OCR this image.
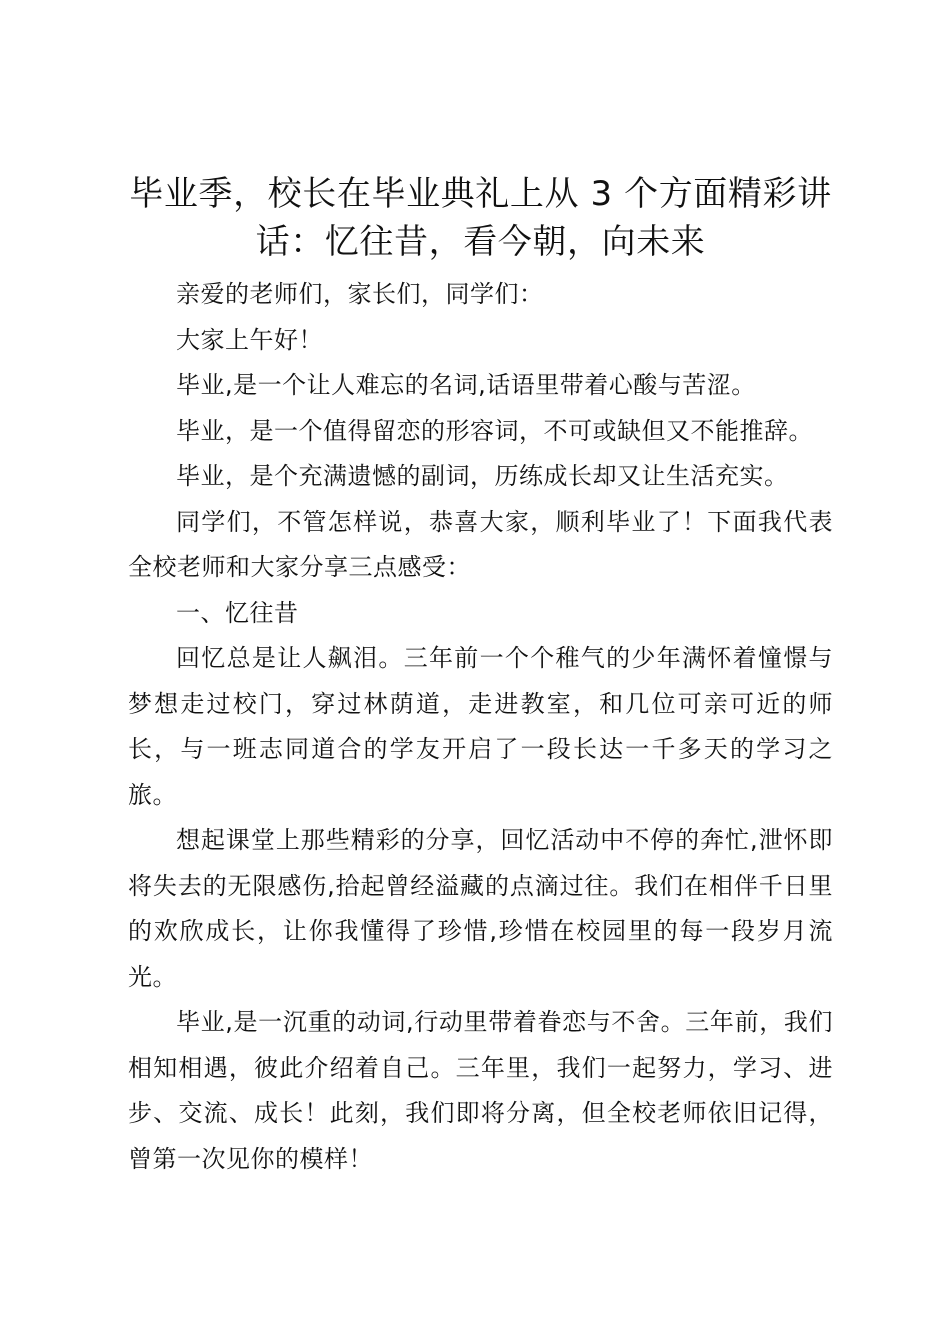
毕业季，校长在毕业典礼上从 3 个方面精彩讲话：忆往昔，看今朝，向未来

亲爱的老师们，家长们，同学们：

大家上午好！

毕业,是一个让人难忘的名词,话语里带着心酸与苦涩。

毕业，是一个值得留恋的形容词，不可或缺但又不能推辞。

毕业，是个充满遗憾的副词，历练成长却又让生活充实。

同学们，不管怎样说，恭喜大家，顺利毕业了！下面我代表全校老师和大家分享三点感受：

一、忆往昔

回忆总是让人飙泪。三年前一个个稚气的少年满怀着憧憬与梦想走过校门，穿过林荫道，走进教室，和几位可亲可近的师长，与一班志同道合的学友开启了一段长达一千多天的学习之旅。

想起课堂上那些精彩的分享，回忆活动中不停的奔忙,泄怀即将失去的无限感伤,拾起曾经溢藏的点滴过往。我们在相伴千日里的欢欣成长，让你我懂得了珍惜,珍惜在校园里的每一段岁月流光。

毕业,是一沉重的动词,行动里带着眷恋与不舍。三年前，我们相知相遇，彼此介绍着自己。三年里，我们一起努力，学习、进步、交流、成长！此刻，我们即将分离，但全校老师依旧记得，曾第一次见你的模样！
